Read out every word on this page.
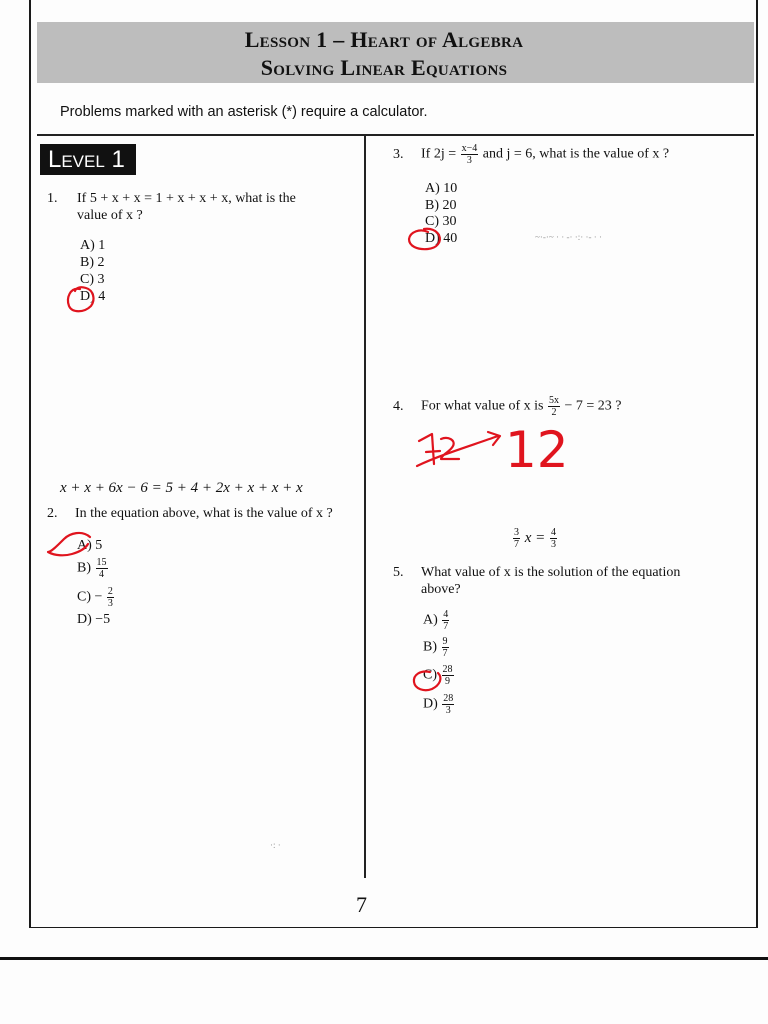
Lesson 1 – Heart of Algebra
Solving Linear Equations
Problems marked with an asterisk (*) require a calculator.
Level 1
1. If 5 + x + x = 1 + x + x + x, what is the
value of x ?
A) 1
B) 2
C) 3
D) 4
x + x + 6x − 6 = 5 + 4 + 2x + x + x + x
2. In the equation above, what is the value of x ?
A) 5
$B) \frac{15}{4}$
$C) - \frac{2}{3}$
D) −5
3. If $2j = \frac{x-4}{3}$ and j = 6, what is the value of x ?
A) 10
B) 20
C) 30
D) 40	~·-·~ · · -· ·:· ·- · ·
4. For what value of x is $\frac{5x}{2} - 7 = 23$ ?
12
$\frac{3}{7}$ $x = \frac{4}{3}$
5. What value of x is the solution of the equation
above?
$A) \frac{4}{7}$
$B) \frac{9}{7}$
$C) \frac{28}{9}$
$D) \frac{28}{3}$
·: ·
7
